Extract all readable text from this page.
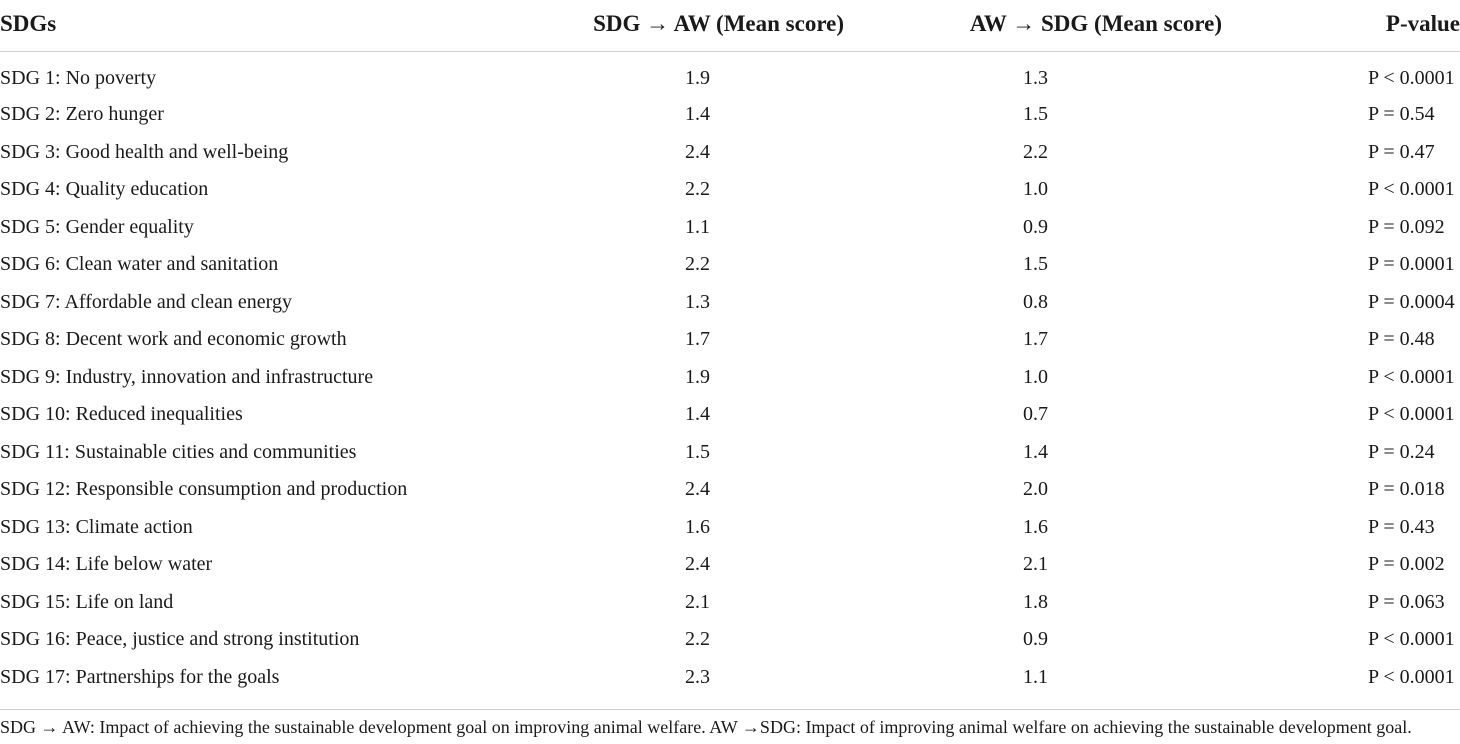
SDGs	SDG → AW (Mean score)	AW → SDG (Mean score)	P-value
SDG 1: No poverty	1.9	1.3	P < 0.0001
SDG 2: Zero hunger	1.4	1.5	P = 0.54
SDG 3: Good health and well-being	2.4	2.2	P = 0.47
SDG 4: Quality education	2.2	1.0	P < 0.0001
SDG 5: Gender equality	1.1	0.9	P = 0.092
SDG 6: Clean water and sanitation	2.2	1.5	P = 0.0001
SDG 7: Affordable and clean energy	1.3	0.8	P = 0.0004
SDG 8: Decent work and economic growth	1.7	1.7	P = 0.48
SDG 9: Industry, innovation and infrastructure	1.9	1.0	P < 0.0001
SDG 10: Reduced inequalities	1.4	0.7	P < 0.0001
SDG 11: Sustainable cities and communities	1.5	1.4	P = 0.24
SDG 12: Responsible consumption and production	2.4	2.0	P = 0.018
SDG 13: Climate action	1.6	1.6	P = 0.43
SDG 14: Life below water	2.4	2.1	P = 0.002
SDG 15: Life on land	2.1	1.8	P = 0.063
SDG 16: Peace, justice and strong institution	2.2	0.9	P < 0.0001
SDG 17: Partnerships for the goals	2.3	1.1	P < 0.0001
SDG → AW: Impact of achieving the sustainable development goal on improving animal welfare. AW →SDG: Impact of improving animal welfare on achieving the sustainable development goal.
